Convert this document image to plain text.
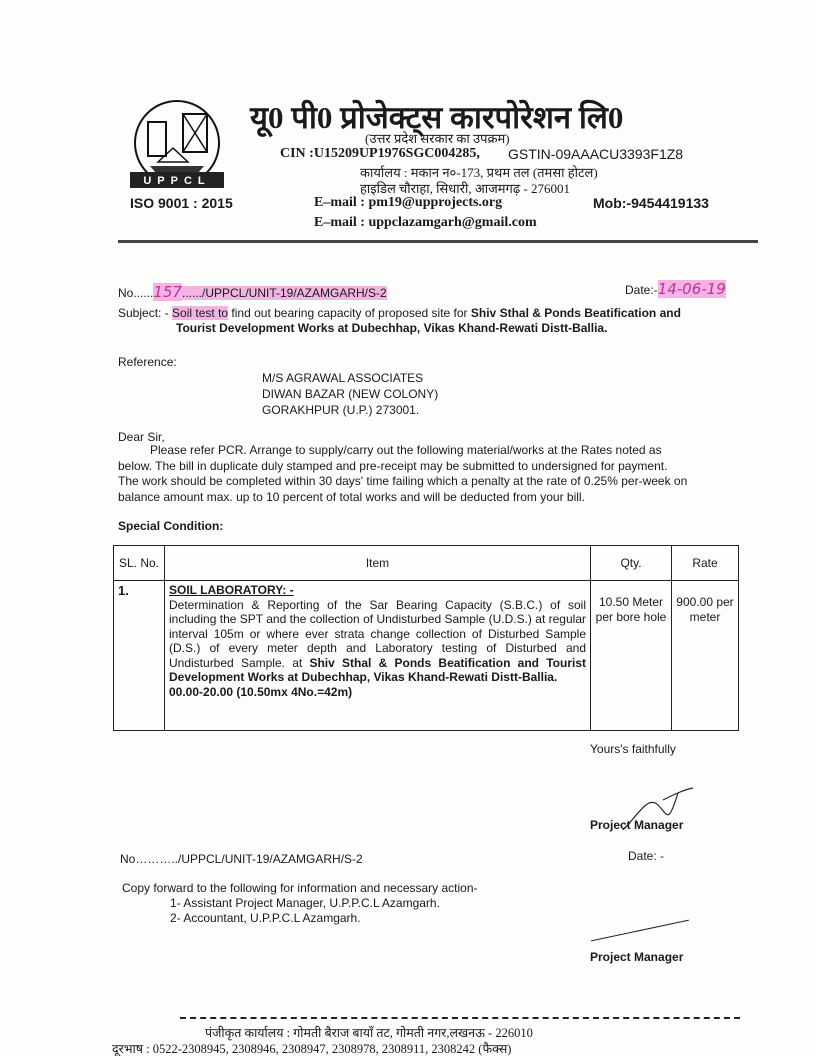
UPPCL
ISO 9001 : 2015
यू0 पी0 प्रोजेक्ट्स कारपोरेशन लि0
(उत्तर प्रदेश सरकार का उपक्रम)
CIN :U15209UP1976SGC004285, GSTIN-09AAACU3393F1Z8
कार्यालय : मकान न०-173, प्रथम तल (तमसा होटल)
हाइडिल चौराहा, सिधारी, आजमगढ़ - 276001
E–mail : pm19@upprojects.org	Mob:-9454419133
E–mail : uppclazamgarh@gmail.com
No......157....../UPPCL/UNIT-19/AZAMGARH/S-2	Date:-14-06-19
Subject: - Soil test to find out bearing capacity of proposed site for Shiv Sthal & Ponds Beatification and
Tourist Development Works at Dubechhap, Vikas Khand-Rewati Distt-Ballia.
Reference:
M/S AGRAWAL ASSOCIATES
DIWAN BAZAR (NEW COLONY)
GORAKHPUR (U.P.) 273001.
Dear Sir,
Please refer PCR. Arrange to supply/carry out the following material/works at the Rates noted as
below. The bill in duplicate duly stamped and pre-receipt may be submitted to undersigned for payment.
The work should be completed within 30 days' time failing which a penalty at the rate of 0.25% per-week on
balance amount max. up to 10 percent of total works and will be deducted from your bill.
Special Condition:
SL. No.	Item	Qty.	Rate
1.	SOIL LABORATORY: -
Determination & Reporting of the Sar Bearing Capacity (S.B.C.) of soil including the SPT and the collection of Undisturbed Sample (U.D.S.) at regular interval 105m or where ever strata change collection of Disturbed Sample (D.S.) of every meter depth and Laboratory testing of Disturbed and Undisturbed Sample. at Shiv Sthal & Ponds Beatification and Tourist Development Works at Dubechhap, Vikas Khand-Rewati Distt-Ballia.
00.00-20.00 (10.50mx 4No.=42m)	10.50 Meter per bore hole	900.00 per meter
Yours's faithfully
Project Manager
Date: -
No………../UPPCL/UNIT-19/AZAMGARH/S-2
Copy forward to the following for information and necessary action-
1- Assistant Project Manager, U.P.P.C.L Azamgarh.
2- Accountant, U.P.P.C.L Azamgarh.
Project Manager
पंजीकृत कार्यालय : गोमती बैराज बायॉं तट, गोमती नगर,लखनऊ - 226010
दूरभाष : 0522-2308945, 2308946, 2308947, 2308978, 2308911, 2308242 (फैक्स)
